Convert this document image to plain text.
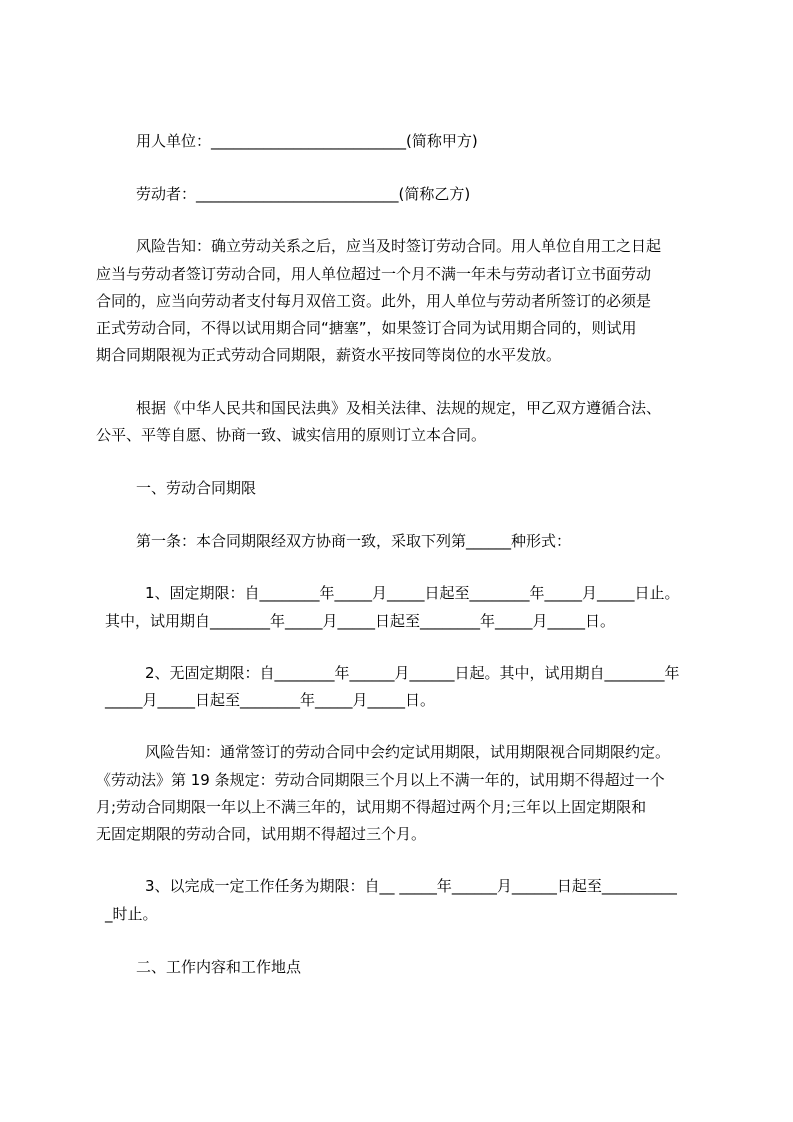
用人单位：__________________________(简称甲方)
劳动者：___________________________(简称乙方)
风险告知：确立劳动关系之后，应当及时签订劳动合同。用人单位自用工之日起
应当与劳动者签订劳动合同，用人单位超过一个月不满一年未与劳动者订立书面劳动
合同的，应当向劳动者支付每月双倍工资。此外，用人单位与劳动者所签订的必须是
正式劳动合同，不得以试用期合同“搪塞”，如果签订合同为试用期合同的，则试用
期合同期限视为正式劳动合同期限，薪资水平按同等岗位的水平发放。
根据《中华人民共和国民法典》及相关法律、法规的规定，甲乙双方遵循合法、
公平、平等自愿、协商一致、诚实信用的原则订立本合同。
一、劳动合同期限
第一条：本合同期限经双方协商一致，采取下列第______种形式：
1、固定期限：自________年_____月_____日起至________年_____月_____日止。
其中，试用期自________年_____月_____日起至________年_____月_____日。
2、无固定期限：自________年______月______日起。其中，试用期自________年
_____月_____日起至________年_____月_____日。
风险告知：通常签订的劳动合同中会约定试用期限，试用期限视合同期限约定。
《劳动法》第 19 条规定：劳动合同期限三个月以上不满一年的，试用期不得超过一个
月;劳动合同期限一年以上不满三年的，试用期不得超过两个月;三年以上固定期限和
无固定期限的劳动合同，试用期不得超过三个月。
3、以完成一定工作任务为期限：自__ _____年______月______日起至__________
_时止。
二、工作内容和工作地点
